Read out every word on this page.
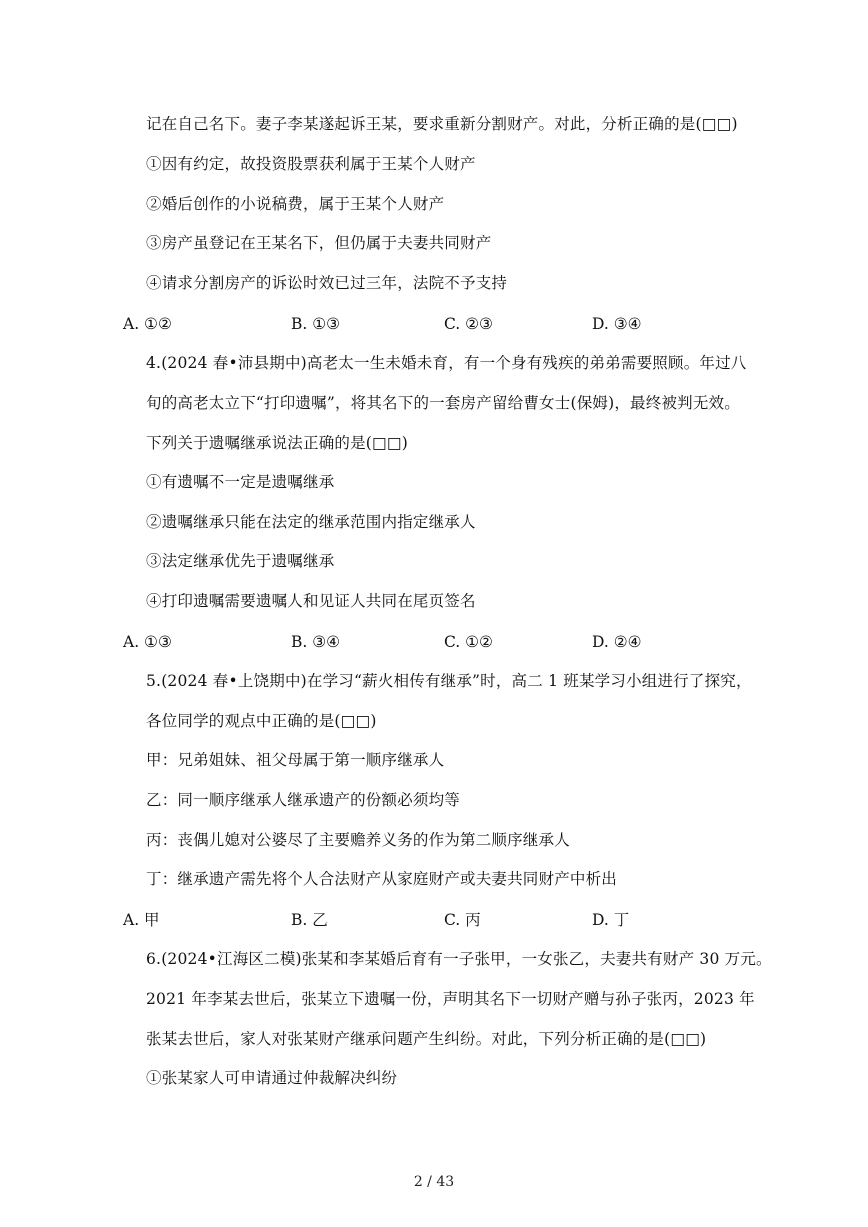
记在自己名下。妻子李某遂起诉王某，要求重新分割财产。对此，分析正确的是(□□)
①因有约定，故投资股票获利属于王某个人财产
②婚后创作的小说稿费，属于王某个人财产
③房产虽登记在王某名下，但仍属于夫妻共同财产
④请求分割房产的诉讼时效已过三年，法院不予支持
A. ①②	B. ①③	C. ②③	D. ③④
4.(2024 春•沛县期中)高老太一生未婚未育，有一个身有残疾的弟弟需要照顾。年过八
旬的高老太立下“打印遗嘱”，将其名下的一套房产留给曹女士(保姆)，最终被判无效。
下列关于遗嘱继承说法正确的是(□□)
①有遗嘱不一定是遗嘱继承
②遗嘱继承只能在法定的继承范围内指定继承人
③法定继承优先于遗嘱继承
④打印遗嘱需要遗嘱人和见证人共同在尾页签名
A. ①③	B. ③④	C. ①②	D. ②④
5.(2024 春•上饶期中)在学习“薪火相传有继承”时，高二 1 班某学习小组进行了探究，
各位同学的观点中正确的是(□□)
甲：兄弟姐妹、祖父母属于第一顺序继承人
乙：同一顺序继承人继承遗产的份额必须均等
丙：丧偶儿媳对公婆尽了主要赡养义务的作为第二顺序继承人
丁：继承遗产需先将个人合法财产从家庭财产或夫妻共同财产中析出
A. 甲	B. 乙	C. 丙	D. 丁
6.(2024•江海区二模)张某和李某婚后育有一子张甲，一女张乙，夫妻共有财产 30 万元。
2021 年李某去世后，张某立下遗嘱一份，声明其名下一切财产赠与孙子张丙，2023 年
张某去世后，家人对张某财产继承问题产生纠纷。对此，下列分析正确的是(□□)
①张某家人可申请通过仲裁解决纠纷
2 / 43
